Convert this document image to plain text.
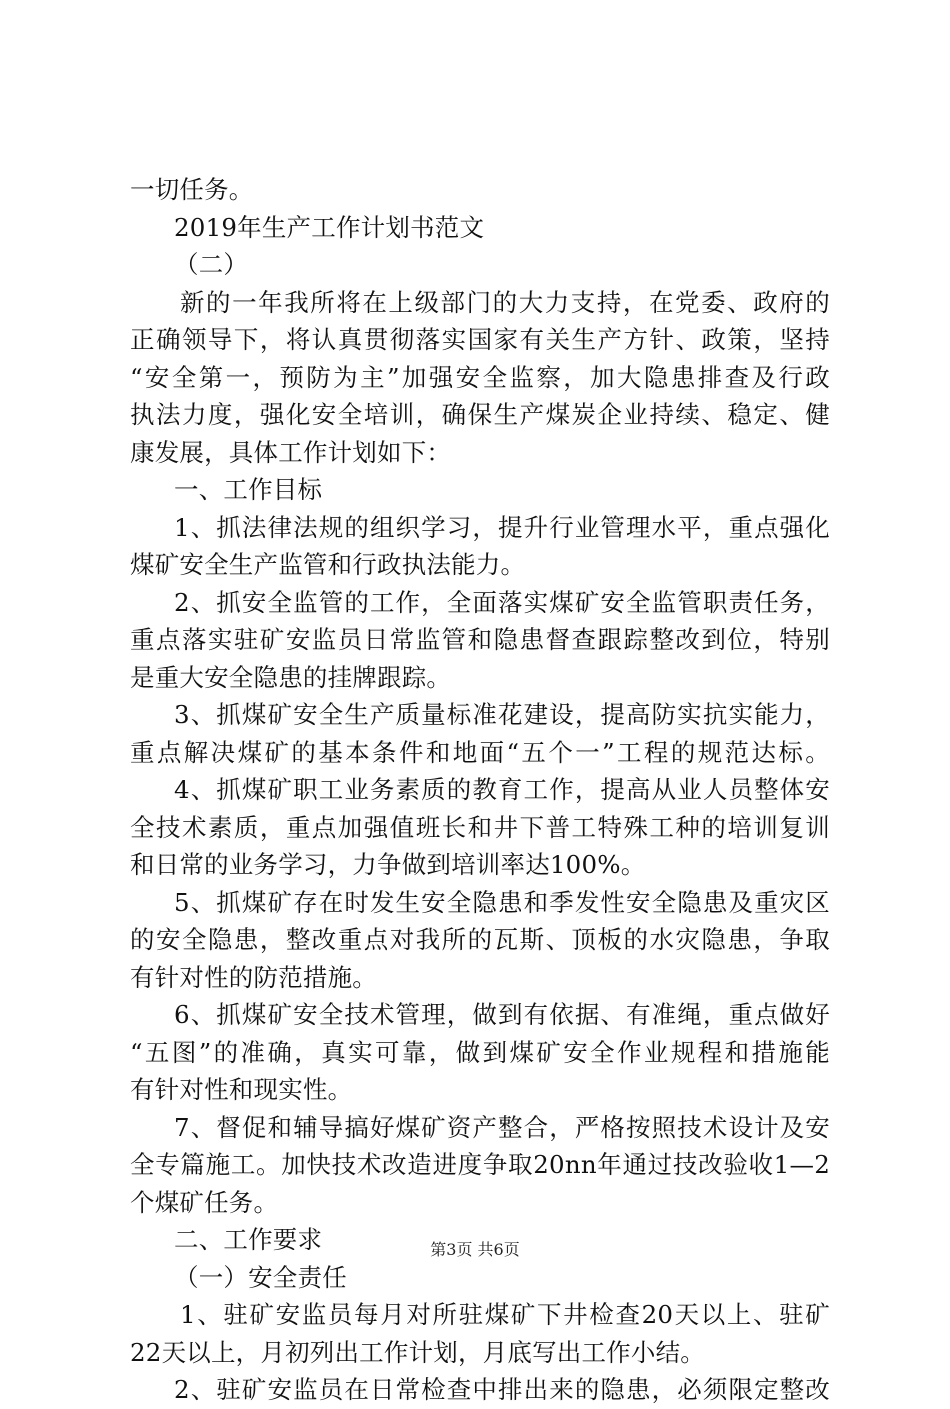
一切任务。
2019年生产工作计划书范文
（二）
新的一年我所将在上级部门的大力支持，在党委、政府的
正确领导下，将认真贯彻落实国家有关生产方针、政策，坚持
“安全第一，预防为主”加强安全监察，加大隐患排查及行政
执法力度，强化安全培训，确保生产煤炭企业持续、稳定、健
康发展，具体工作计划如下：
一、工作目标
1、抓法律法规的组织学习，提升行业管理水平，重点强化
煤矿安全生产监管和行政执法能力。
2、抓安全监管的工作，全面落实煤矿安全监管职责任务，
重点落实驻矿安监员日常监管和隐患督查跟踪整改到位，特别
是重大安全隐患的挂牌跟踪。
3、抓煤矿安全生产质量标准花建设，提高防实抗实能力，
重点解决煤矿的基本条件和地面“五个一”工程的规范达标。
4、抓煤矿职工业务素质的教育工作，提高从业人员整体安
全技术素质，重点加强值班长和井下普工特殊工种的培训复训
和日常的业务学习，力争做到培训率达100%。
5、抓煤矿存在时发生安全隐患和季发性安全隐患及重灾区
的安全隐患，整改重点对我所的瓦斯、顶板的水灾隐患，争取
有针对性的防范措施。
6、抓煤矿安全技术管理，做到有依据、有准绳，重点做好
“五图”的准确，真实可靠，做到煤矿安全作业规程和措施能
有针对性和现实性。
7、督促和辅导搞好煤矿资产整合，严格按照技术设计及安
全专篇施工。加快技术改造进度争取20nn年通过技改验收1—2
个煤矿任务。
二、工作要求
（一）安全责任
1、驻矿安监员每月对所驻煤矿下井检查20天以上、驻矿
22天以上，月初列出工作计划，月底写出工作小结。
2、驻矿安监员在日常检查中排出来的隐患，必须限定整改
第3页 共6页
